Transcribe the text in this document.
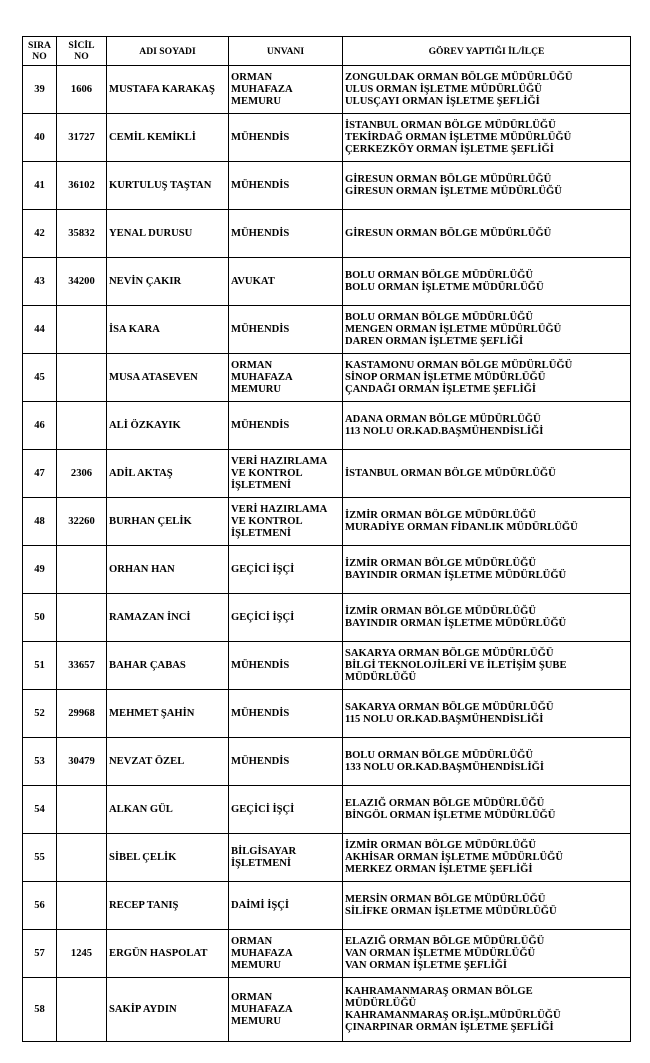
SIRA
NO	SİCİL
NO	ADI SOYADI	UNVANI	GÖREV YAPTIĞI İL/İLÇE
39	1606	MUSTAFA KARAKAŞ	ORMAN
MUHAFAZA
MEMURU	ZONGULDAK ORMAN BÖLGE MÜDÜRLÜĞÜ
ULUS ORMAN İŞLETME MÜDÜRLÜĞÜ
ULUSÇAYI ORMAN İŞLETME ŞEFLİĞİ
40	31727	CEMİL KEMİKLİ	MÜHENDİS	İSTANBUL ORMAN BÖLGE MÜDÜRLÜĞÜ
TEKİRDAĞ ORMAN İŞLETME MÜDÜRLÜĞÜ
ÇERKEZKÖY ORMAN İŞLETME ŞEFLİĞİ
41	36102	KURTULUŞ TAŞTAN	MÜHENDİS	GİRESUN ORMAN BÖLGE MÜDÜRLÜĞÜ
GİRESUN ORMAN İŞLETME MÜDÜRLÜĞÜ
42	35832	YENAL DURUSU	MÜHENDİS	GİRESUN ORMAN BÖLGE MÜDÜRLÜĞÜ
43	34200	NEVİN ÇAKIR	AVUKAT	BOLU ORMAN BÖLGE MÜDÜRLÜĞÜ
BOLU ORMAN İŞLETME MÜDÜRLÜĞÜ
44		İSA KARA	MÜHENDİS	BOLU ORMAN BÖLGE MÜDÜRLÜĞÜ
MENGEN ORMAN İŞLETME MÜDÜRLÜĞÜ
DAREN ORMAN İŞLETME ŞEFLİĞİ
45		MUSA ATASEVEN	ORMAN
MUHAFAZA
MEMURU	KASTAMONU ORMAN BÖLGE MÜDÜRLÜĞÜ
SİNOP ORMAN İŞLETME MÜDÜRLÜĞÜ
ÇANDAĞI ORMAN İŞLETME ŞEFLİĞİ
46		ALİ ÖZKAYIK	MÜHENDİS	ADANA ORMAN BÖLGE MÜDÜRLÜĞÜ
113 NOLU OR.KAD.BAŞMÜHENDİSLİĞİ
47	2306	ADİL AKTAŞ	VERİ HAZIRLAMA
VE KONTROL
İŞLETMENİ	İSTANBUL ORMAN BÖLGE MÜDÜRLÜĞÜ
48	32260	BURHAN ÇELİK	VERİ HAZIRLAMA
VE KONTROL
İŞLETMENİ	İZMİR ORMAN BÖLGE MÜDÜRLÜĞÜ
MURADİYE ORMAN FİDANLIK MÜDÜRLÜĞÜ
49		ORHAN HAN	GEÇİCİ İŞÇİ	İZMİR ORMAN BÖLGE MÜDÜRLÜĞÜ
BAYINDIR ORMAN İŞLETME MÜDÜRLÜĞÜ
50		RAMAZAN İNCİ	GEÇİCİ İŞÇİ	İZMİR ORMAN BÖLGE MÜDÜRLÜĞÜ
BAYINDIR ORMAN İŞLETME MÜDÜRLÜĞÜ
51	33657	BAHAR ÇABAS	MÜHENDİS	SAKARYA ORMAN BÖLGE MÜDÜRLÜĞÜ
BİLGİ TEKNOLOJİLERİ VE İLETİŞİM ŞUBE
MÜDÜRLÜĞÜ
52	29968	MEHMET ŞAHİN	MÜHENDİS	SAKARYA ORMAN BÖLGE MÜDÜRLÜĞÜ
115 NOLU OR.KAD.BAŞMÜHENDİSLİĞİ
53	30479	NEVZAT ÖZEL	MÜHENDİS	BOLU ORMAN BÖLGE MÜDÜRLÜĞÜ
133 NOLU OR.KAD.BAŞMÜHENDİSLİĞİ
54		ALKAN GÜL	GEÇİCİ İŞÇİ	ELAZIĞ ORMAN BÖLGE MÜDÜRLÜĞÜ
BİNGÖL ORMAN İŞLETME MÜDÜRLÜĞÜ
55		SİBEL ÇELİK	BİLGİSAYAR
İŞLETMENİ	İZMİR ORMAN BÖLGE MÜDÜRLÜĞÜ
AKHİSAR ORMAN İŞLETME MÜDÜRLÜĞÜ
MERKEZ ORMAN İŞLETME ŞEFLİĞİ
56		RECEP TANIŞ	DAİMİ İŞÇİ	MERSİN ORMAN BÖLGE MÜDÜRLÜĞÜ
SİLİFKE ORMAN İŞLETME MÜDÜRLÜĞÜ
57	1245	ERGÜN HASPOLAT	ORMAN
MUHAFAZA
MEMURU	ELAZIĞ ORMAN BÖLGE MÜDÜRLÜĞÜ
VAN ORMAN İŞLETME MÜDÜRLÜĞÜ
VAN ORMAN İŞLETME ŞEFLİĞİ
58		SAKİP AYDIN	ORMAN
MUHAFAZA
MEMURU	KAHRAMANMARAŞ ORMAN BÖLGE
MÜDÜRLÜĞÜ
KAHRAMANMARAŞ OR.İŞL.MÜDÜRLÜĞÜ
ÇINARPINAR ORMAN İŞLETME ŞEFLİĞİ
